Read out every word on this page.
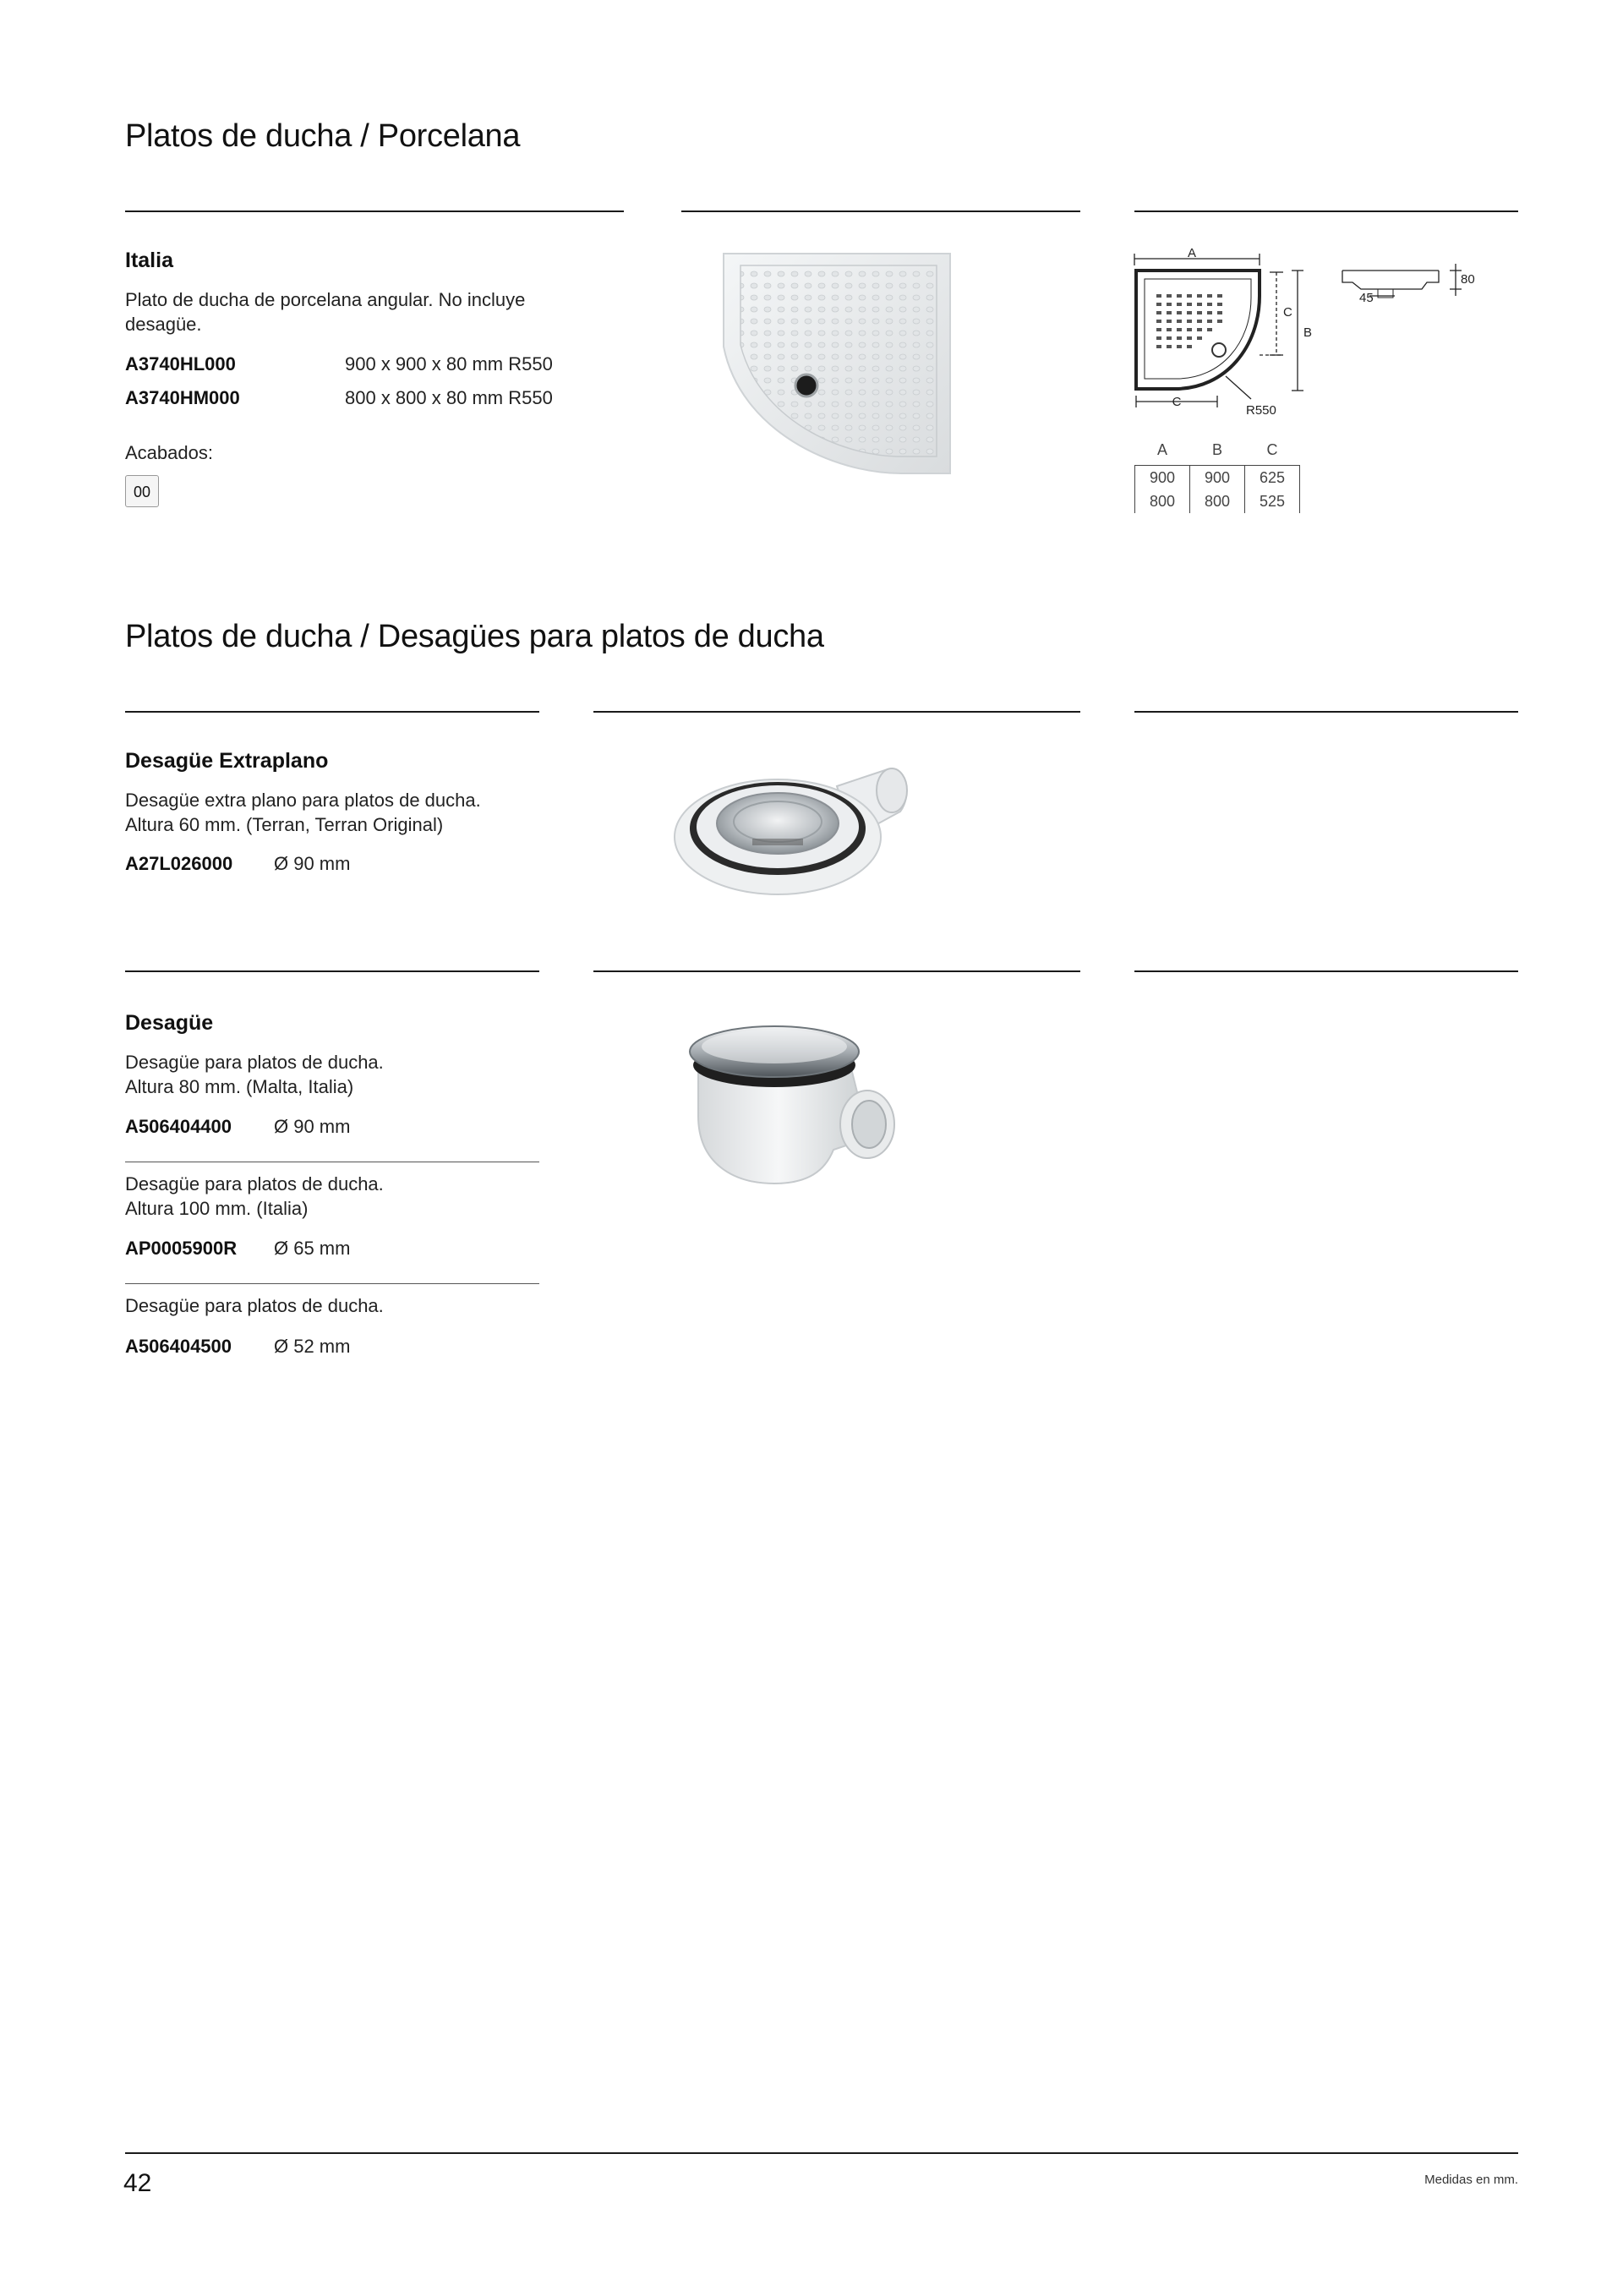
Platos de ducha / Porcelana
Italia
Plato de ducha de porcelana angular. No incluye desagüe.
A3740HL000	900 x 900 x 80 mm R550
A3740HM000	800 x 800 x 80 mm R550
Acabados:
00
A
C
B
C
R550
45
80
A	B	C
900	900	625
800	800	525
Platos de ducha / Desagües para platos de ducha
Desagüe Extraplano
Desagüe extra plano para platos de ducha.
Altura 60 mm. (Terran, Terran Original)
A27L026000 Ø 90 mm
Desagüe
Desagüe para platos de ducha.
Altura 80 mm. (Malta, Italia)
A506404400 Ø 90 mm
Desagüe para platos de ducha.
Altura 100 mm. (Italia)
AP0005900R Ø 65 mm
Desagüe para platos de ducha.
A506404500 Ø 52 mm
42	Medidas en mm.
